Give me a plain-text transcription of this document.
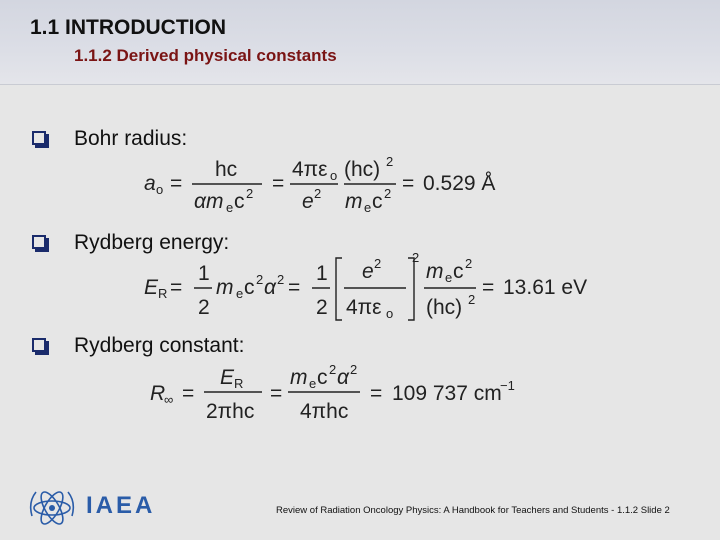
1.1 INTRODUCTION
1.1.2 Derived physical constants
Bohr radius:
a o =
hc
αm e c 2 =
4πε o
e 2
(hc) 2
m e c 2 = 0.529 Å
Rydberg energy:
E R =
1
2
m e c 2 α 2 =
1
2
e 2
4πε o
2
m e c 2
(hc) 2
= 13.61 eV
Rydberg constant:
R
∞ =
E R
2πhc
=
m e c 2 α 2
4πhc
= 109 737 cm
−1
IAEA	Review of Radiation Oncology Physics: A Handbook for Teachers and Students - 1.1.2 Slide 2
